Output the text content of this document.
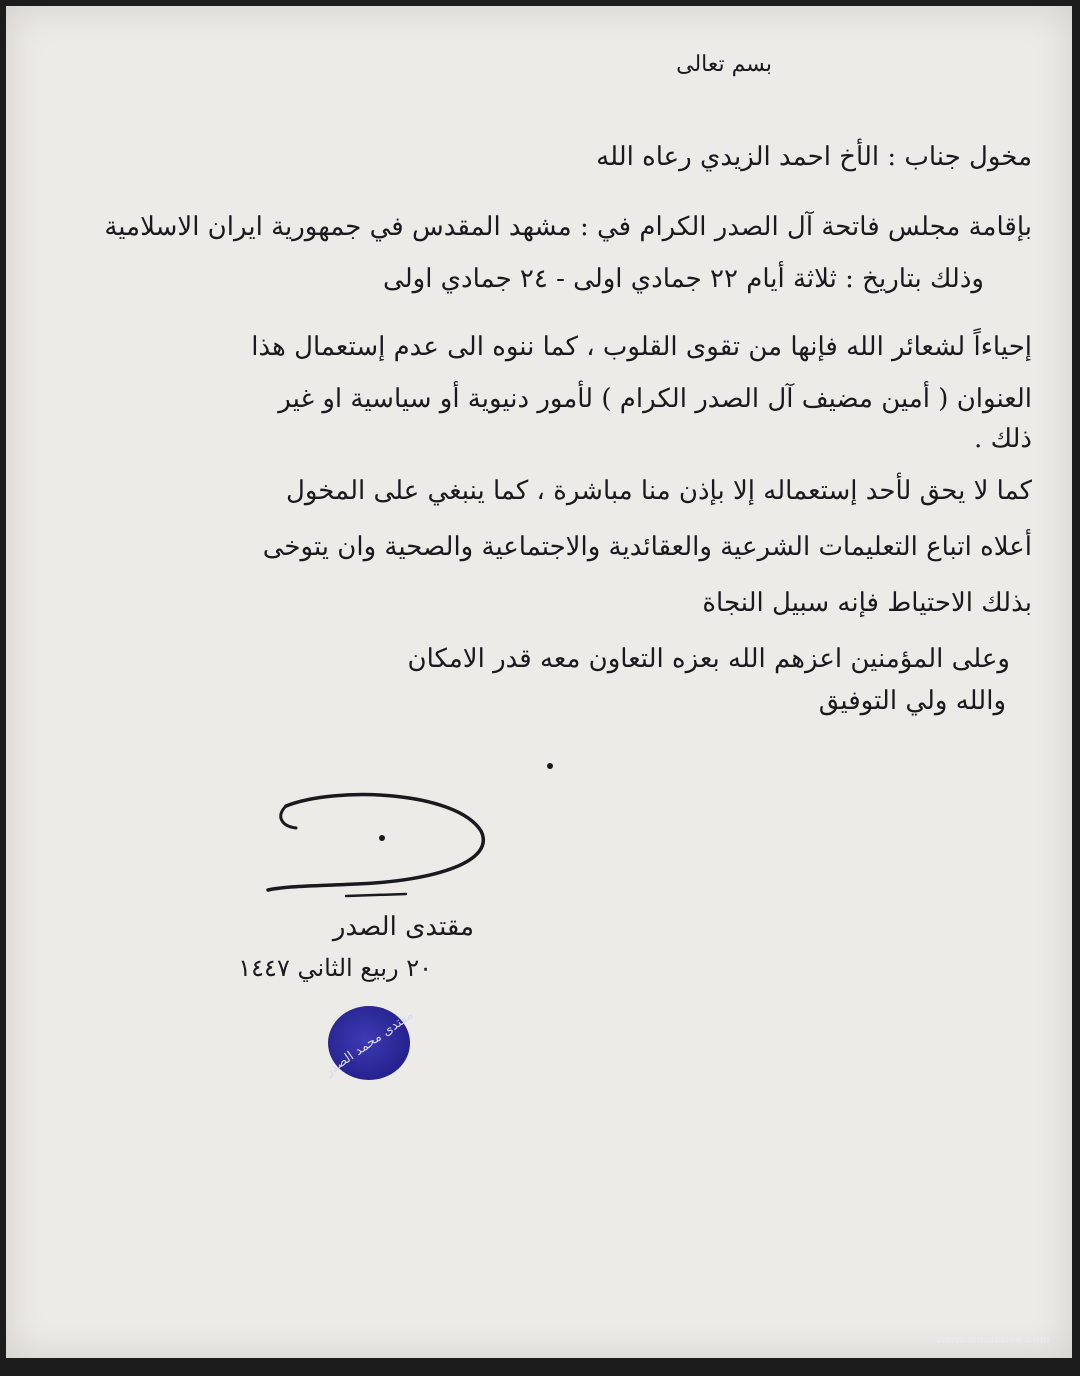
بسم تعالى
مخول جناب : الأخ احمد الزيدي رعاه الله
بإقامة مجلس فاتحة آل الصدر الكرام في : مشهد المقدس في جمهورية ايران الاسلامية
وذلك بتاريخ : ثلاثة أيام ٢٢ جمادي اولى - ٢٤ جمادي اولى
إحياءاً لشعائر الله فإنها من تقوى القلوب ، كما ننوه الى عدم إستعمال هذا
العنوان ( أمين مضيف آل الصدر الكرام ) لأمور دنيوية أو سياسية او غير
ذلك .
كما لا يحق لأحد إستعماله إلا بإذن منا مباشرة ، كما ينبغي على المخول
أعلاه اتباع التعليمات الشرعية والعقائدية والاجتماعية والصحية وان يتوخى
بذلك الاحتياط فإنه سبيل النجاة
وعلى المؤمنين اعزهم الله بعزه التعاون معه قدر الامكان
والله ولي التوفيق
مقتدى الصدر
٢٠ ربيع الثاني ١٤٤٧
مقتدى محمد الصدر
www.almutalee.com
